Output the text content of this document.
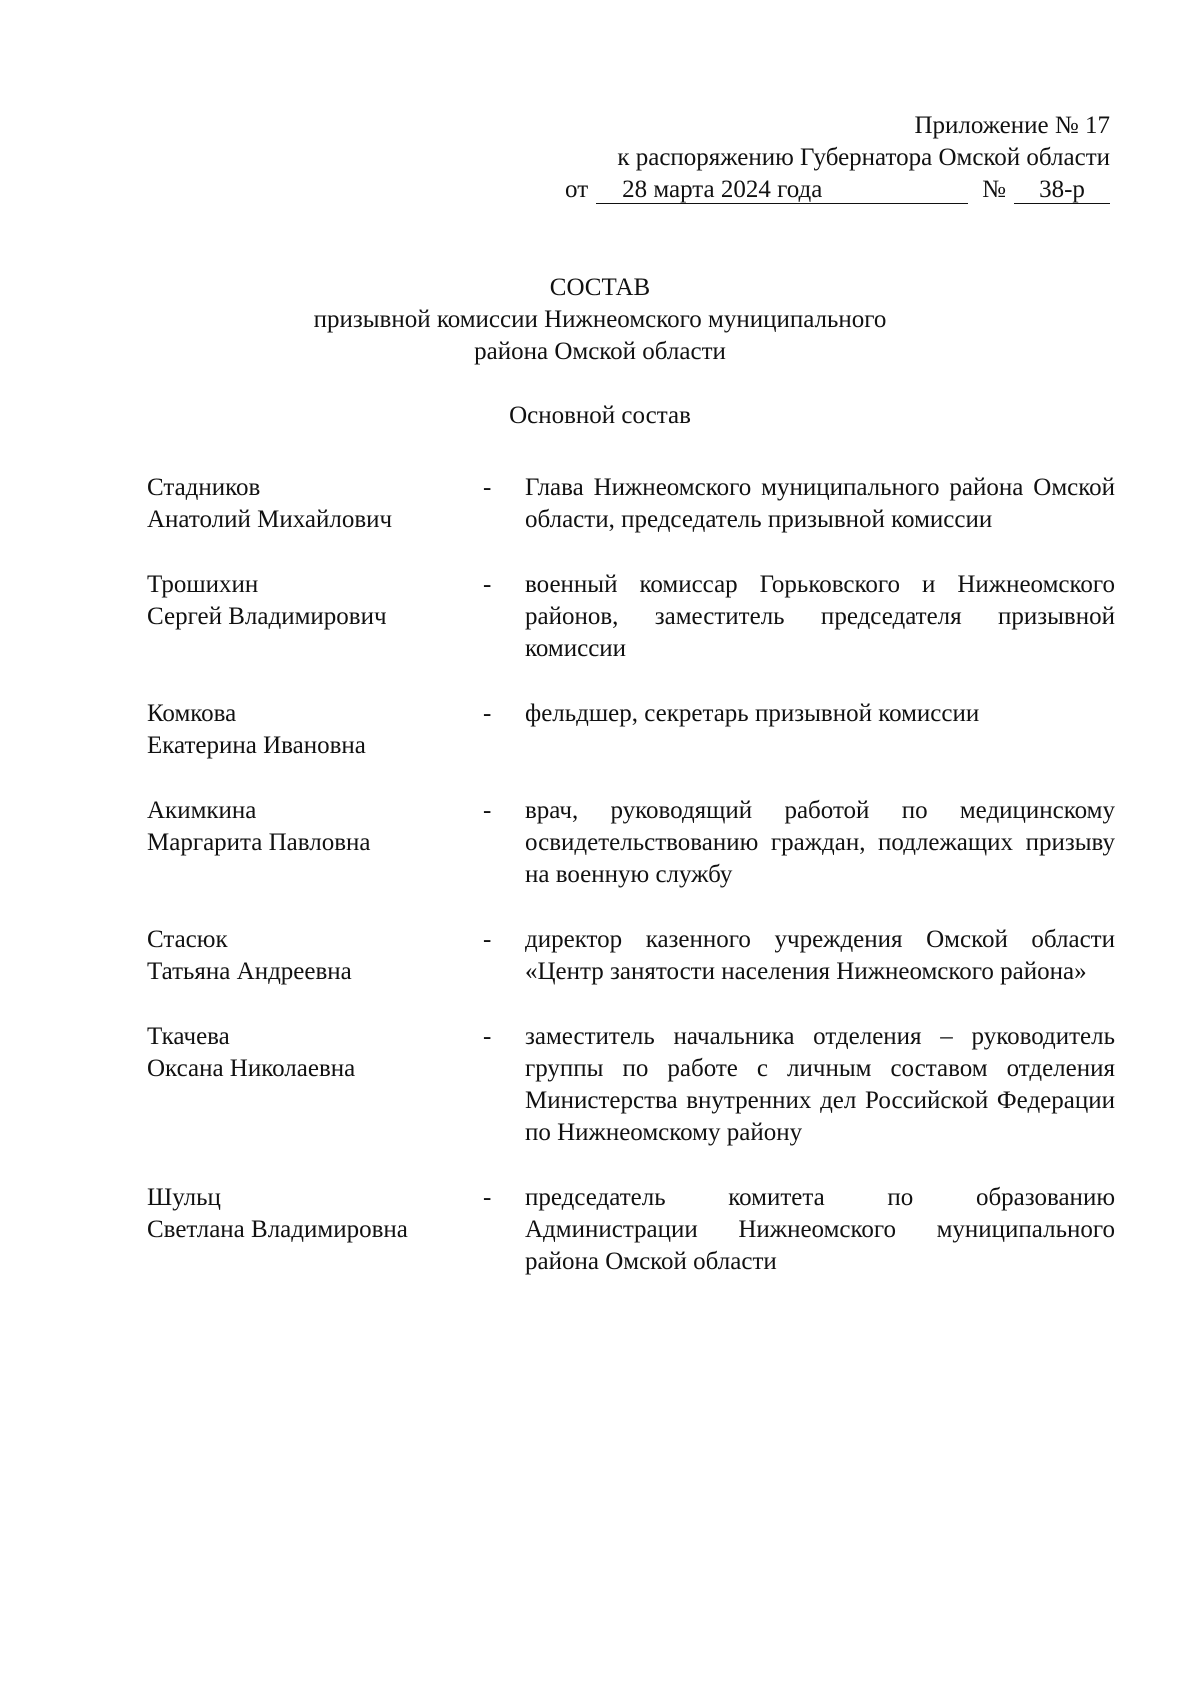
Приложение № 17
к распоряжению Губернатора Омской области
от	28 марта 2024 года	№	38-р
СОСТАВ
призывной комиссии Нижнеомского муниципального
района Омской области
Основной состав
Стадников
Анатолий Михайлович
-	Глава Нижнеомского муниципального района Омской области, председатель призывной комиссии
Трошихин
Сергей Владимирович
-	военный комиссар Горьковского и Нижнеомского районов, заместитель председателя призывной комиссии
Комкова
Екатерина Ивановна
-	фельдшер, секретарь призывной комиссии
Акимкина
Маргарита Павловна
-	врач, руководящий работой по медицинскому освидетельствованию граждан, подлежащих призыву на военную службу
Стасюк
Татьяна Андреевна
-	директор казенного учреждения Омской области «Центр занятости населения Нижнеомского района»
Ткачева
Оксана Николаевна
-	заместитель начальника отделения – руководитель группы по работе с личным составом отделения Министерства внутренних дел Российской Федерации по Нижнеомскому району
Шульц
Светлана Владимировна
-	председатель комитета по образованию Администрации Нижнеомского муниципального района Омской области
